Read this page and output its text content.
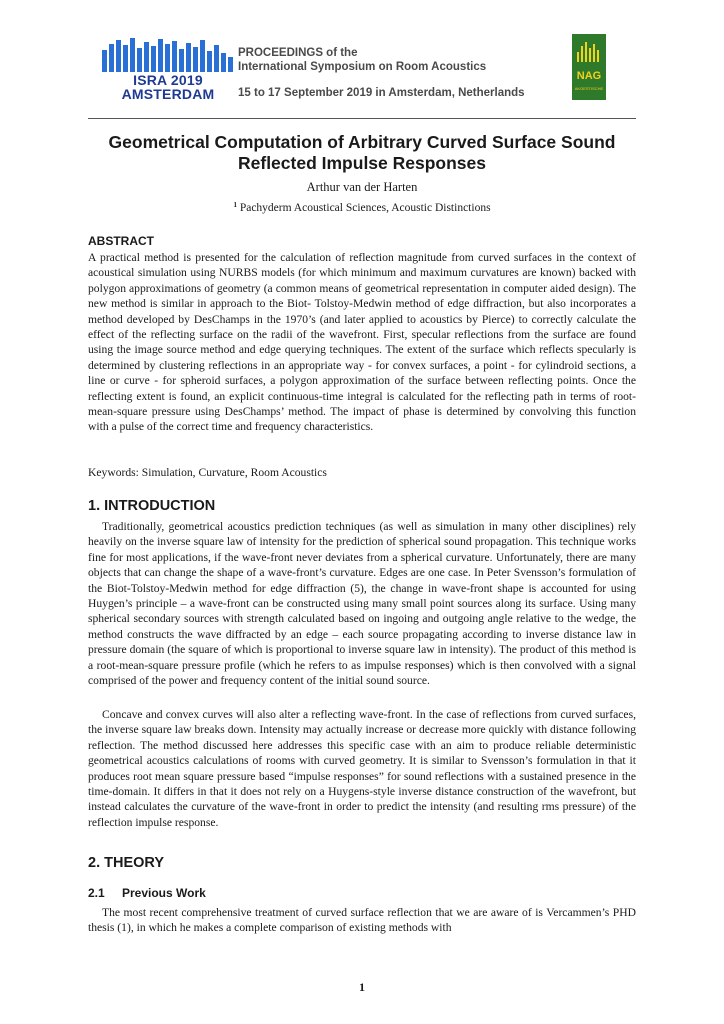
ISRA 2019
AMSTERDAM
PROCEEDINGS of the
International Symposium on Room Acoustics
15 to 17 September 2019 in Amsterdam, Netherlands
NAG
AKOESTISCHE
Geometrical Computation of Arbitrary Curved Surface Sound Reflected Impulse Responses
Arthur van der Harten
$^1$ Pachyderm Acoustical Sciences, Acoustic Distinctions
ABSTRACT

A practical method is presented for the calculation of reflection magnitude from curved surfaces in the context of acoustical simulation using NURBS models (for which minimum and maximum curvatures are known) backed with polygon approximations of geometry (a common means of geometrical representation in computer aided design). The new method is similar in approach to the Biot- Tolstoy-Medwin method of edge diffraction, but also incorporates a method developed by DesChamps in the 1970’s (and later applied to acoustics by Pierce) to correctly calculate the effect of the reflecting surface on the radii of the wavefront. First, specular reflections from the surface are found using the image source method and edge querying techniques. The extent of the surface which reflects specularly is determined by clustering reflections in an appropriate way - for convex surfaces, a point - for cylindroid sections, a line or curve - for spheroid surfaces, a polygon approximation of the surface between reflecting points. Once the reflecting extent is found, an explicit continuous-time integral is calculated for the reflecting path in terms of root-mean-square pressure using DesChamps’ method. The impact of phase is determined by convolving this function with a pulse of the correct time and frequency characteristics.

Keywords: Simulation, Curvature, Room Acoustics

1. INTRODUCTION

Traditionally, geometrical acoustics prediction techniques (as well as simulation in many other disciplines) rely heavily on the inverse square law of intensity for the prediction of spherical sound propagation. This technique works fine for most applications, if the wave-front never deviates from a spherical curvature. Unfortunately, there are many objects that can change the shape of a wave-front’s curvature. Edges are one case. In Peter Svensson’s formulation of the Biot-Tolstoy-Medwin method for edge diffraction (5), the change in wave-front shape is accounted for using Huygen’s principle – a wave-front can be constructed using many small point sources along its surface. Using many spherical secondary sources with strength calculated based on ingoing and outgoing angle relative to the wedge, the method constructs the wave diffracted by an edge – each source propagating according to inverse distance law in pressure domain (the square of which is proportional to inverse square law in intensity). The product of this method is a root-mean-square pressure profile (which he refers to as impulse responses) which is then convolved with a signal comprised of the power and frequency content of the initial sound source.

Concave and convex curves will also alter a reflecting wave-front. In the case of reflections from curved surfaces, the inverse square law breaks down. Intensity may actually increase or decrease more quickly with distance following reflection. The method discussed here addresses this specific case with an aim to produce reliable deterministic geometrical acoustics calculations of rooms with curved geometry. It is similar to Svensson’s formulation in that it produces root mean square pressure based “impulse responses” for sound reflections with a sustained presence in the time-domain. It differs in that it does not rely on a Huygens-style inverse distance construction of the wavefront, but instead calculates the curvature of the wave-front in order to predict the intensity (and resulting rms pressure) of the reflection impulse response.

2. THEORY
2.1 Previous Work

The most recent comprehensive treatment of curved surface reflection that we are aware of is Vercammen’s PHD thesis (1), in which he makes a complete comparison of existing methods with

1
